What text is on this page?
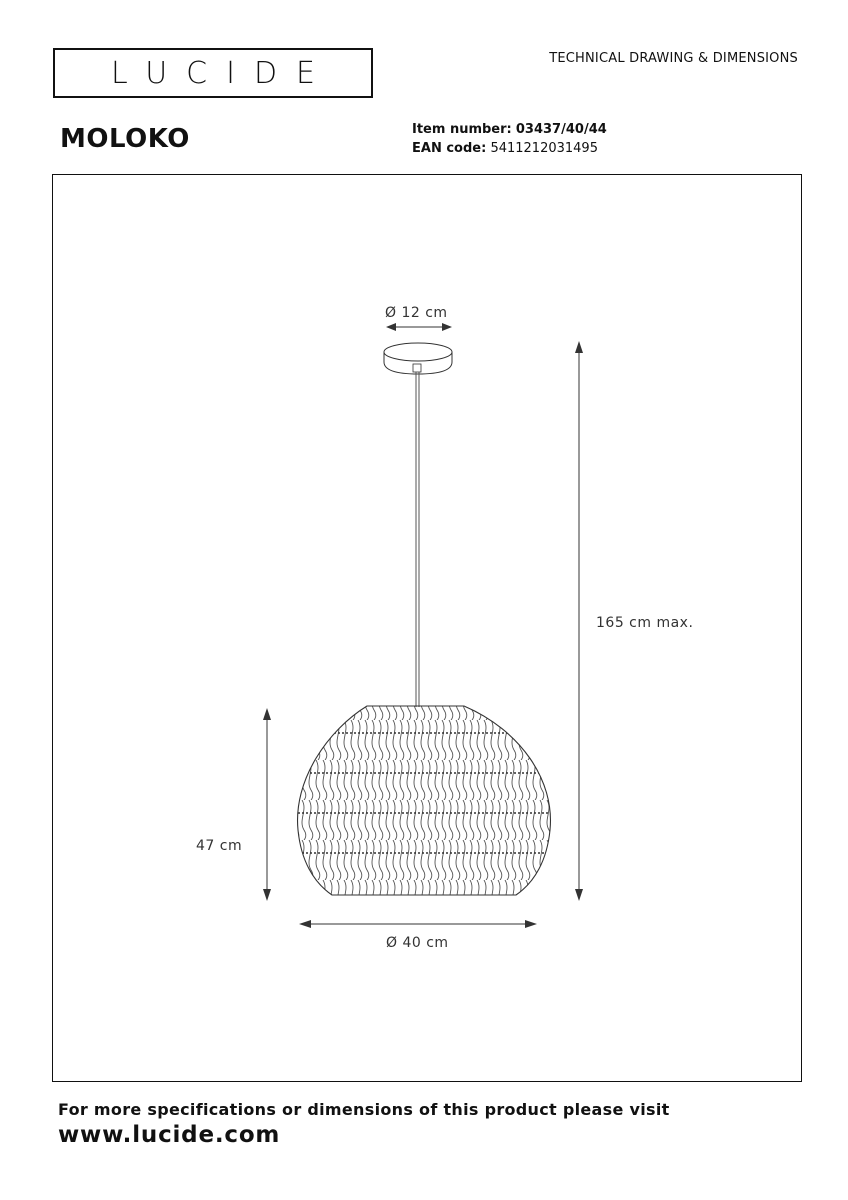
LUCIDE	TECHNICAL DRAWING & DIMENSIONS
MOLOKO	Item number: 03437/40/44
EAN code: 5411212031495
Ø 12 cm
165 cm max.
47 cm
Ø 40 cm
For more specifications or dimensions of this product please visit
www.lucide.com
